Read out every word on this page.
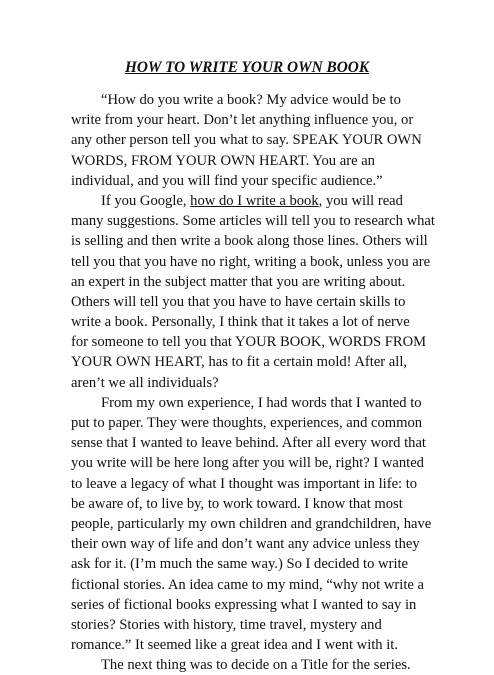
HOW TO WRITE YOUR OWN BOOK
“How do you write a book? My advice would be to
write from your heart. Don’t let anything influence you, or
any other person tell you what to say. SPEAK YOUR OWN
WORDS, FROM YOUR OWN HEART. You are an
individual, and you will find your specific audience.”
If you Google, how do I write a book, you will read
many suggestions. Some articles will tell you to research what
is selling and then write a book along those lines. Others will
tell you that you have no right, writing a book, unless you are
an expert in the subject matter that you are writing about.
Others will tell you that you have to have certain skills to
write a book. Personally, I think that it takes a lot of nerve
for someone to tell you that YOUR BOOK, WORDS FROM
YOUR OWN HEART, has to fit a certain mold! After all,
aren’t we all individuals?
From my own experience, I had words that I wanted to
put to paper. They were thoughts, experiences, and common
sense that I wanted to leave behind. After all every word that
you write will be here long after you will be, right? I wanted
to leave a legacy of what I thought was important in life: to
be aware of, to live by, to work toward. I know that most
people, particularly my own children and grandchildren, have
their own way of life and don’t want any advice unless they
ask for it. (I’m much the same way.) So I decided to write
fictional stories. An idea came to my mind, “why not write a
series of fictional books expressing what I wanted to say in
stories? Stories with history, time travel, mystery and
romance.” It seemed like a great idea and I went with it.
The next thing was to decide on a Title for the series.
